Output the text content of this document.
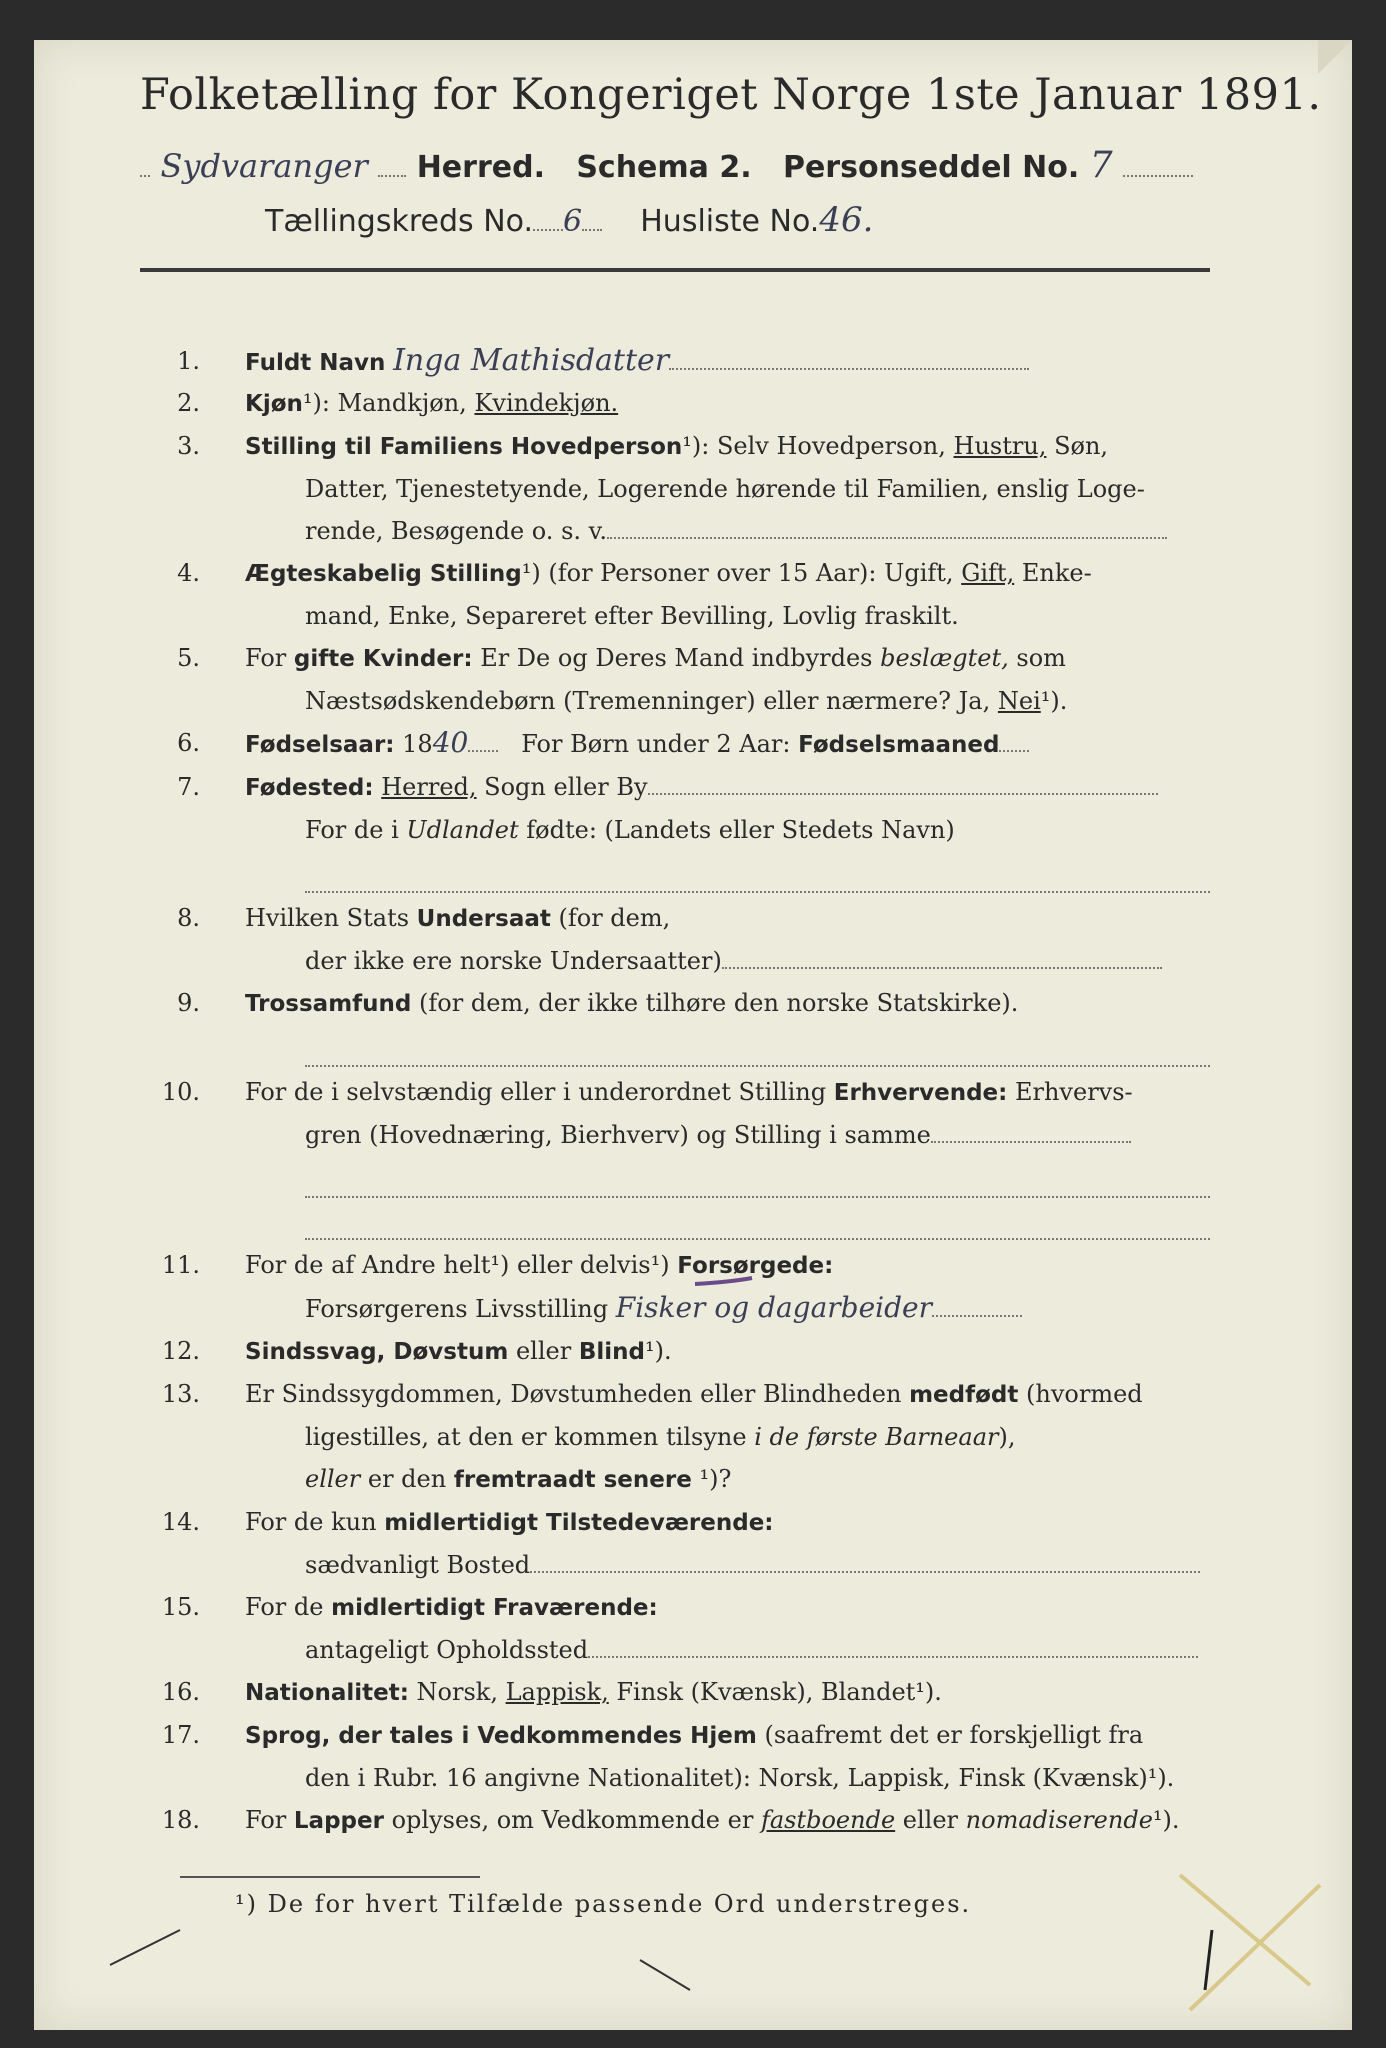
Folketælling for Kongeriget Norge 1ste Januar 1891.
Sydvaranger Herred. Schema 2. Personseddel No. 7
Tællingskreds No. 6 Husliste No.46.
1. Fuldt Navn Inga Mathisdatter
2. Kjøn¹): Mandkjøn, Kvindekjøn.
3. Stilling til Familiens Hovedperson¹): Selv Hovedperson, Hustru, Søn,
Datter, Tjenestetyende, Logerende hørende til Familien, enslig Loge-
rende, Besøgende o. s. v.
4. Ægteskabelig Stilling¹) (for Personer over 15 Aar): Ugift, Gift, Enke-
mand, Enke, Separeret efter Bevilling, Lovlig fraskilt.
5. For gifte Kvinder: Er De og Deres Mand indbyrdes beslægtet, som
Næstsødskendebørn (Tremenninger) eller nærmere? Ja, Nei¹).
6. Fødselsaar: 1840 For Børn under 2 Aar: Fødselsmaaned
7. Fødested: Herred, Sogn eller By
For de i Udlandet fødte: (Landets eller Stedets Navn)
8. Hvilken Stats Undersaat (for dem,
der ikke ere norske Undersaatter)
9. Trossamfund (for dem, der ikke tilhøre den norske Statskirke).
10. For de i selvstændig eller i underordnet Stilling Erhvervende: Erhvervs-
gren (Hovednæring, Bierhverv) og Stilling i samme
11. For de af Andre helt¹) eller delvis¹) Forsørgede:
Forsørgerens Livsstilling Fisker og dagarbeider
12. Sindssvag, Døvstum eller Blind¹).
13. Er Sindssygdommen, Døvstumheden eller Blindheden medfødt (hvormed
ligestilles, at den er kommen tilsyne i de første Barneaar),
eller er den fremtraadt senere ¹)?
14. For de kun midlertidigt Tilstedeværende:
sædvanligt Bosted
15. For de midlertidigt Fraværende:
antageligt Opholdssted
16. Nationalitet: Norsk, Lappisk, Finsk (Kvænsk), Blandet¹).
17. Sprog, der tales i Vedkommendes Hjem (saafremt det er forskjelligt fra
den i Rubr. 16 angivne Nationalitet): Norsk, Lappisk, Finsk (Kvænsk)¹).
18. For Lapper oplyses, om Vedkommende er fastboende eller nomadiserende¹).
¹) De for hvert Tilfælde passende Ord understreges.
